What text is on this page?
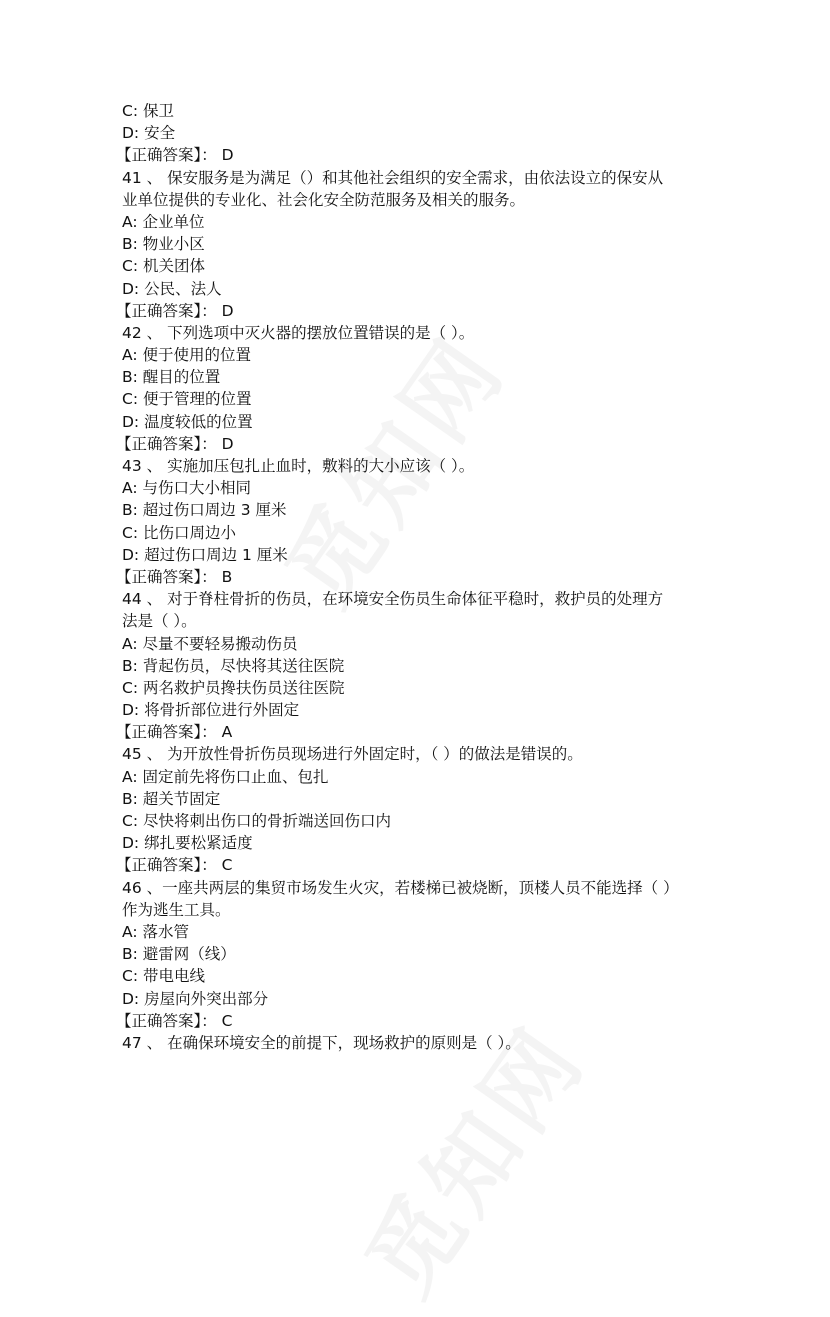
C: 保卫
D: 安全
【正确答案】： D
41 、 保安服务是为满足（）和其他社会组织的安全需求，由依法设立的保安从
业单位提供的专业化、社会化安全防范服务及相关的服务。
A: 企业单位
B: 物业小区
C: 机关团体
D: 公民、法人
【正确答案】： D
42 、 下列选项中灭火器的摆放位置错误的是（ ）。
A: 便于使用的位置
B: 醒目的位置
C: 便于管理的位置
D: 温度较低的位置
【正确答案】： D
43 、 实施加压包扎止血时，敷料的大小应该（ ）。
A: 与伤口大小相同
B: 超过伤口周边 3 厘米
C: 比伤口周边小
D: 超过伤口周边 1 厘米
【正确答案】： B
44 、 对于脊柱骨折的伤员，在环境安全伤员生命体征平稳时，救护员的处理方
法是（ ）。
A: 尽量不要轻易搬动伤员
B: 背起伤员，尽快将其送往医院
C: 两名救护员搀扶伤员送往医院
D: 将骨折部位进行外固定
【正确答案】： A
45 、 为开放性骨折伤员现场进行外固定时，（ ）的做法是错误的。
A: 固定前先将伤口止血、包扎
B: 超关节固定
C: 尽快将刺出伤口的骨折端送回伤口内
D: 绑扎要松紧适度
【正确答案】： C
46 、一座共两层的集贸市场发生火灾，若楼梯已被烧断，顶楼人员不能选择（ ）
作为逃生工具。
A: 落水管
B: 避雷网（线）
C: 带电电线
D: 房屋向外突出部分
【正确答案】： C
47 、 在确保环境安全的前提下，现场救护的原则是（ ）。
